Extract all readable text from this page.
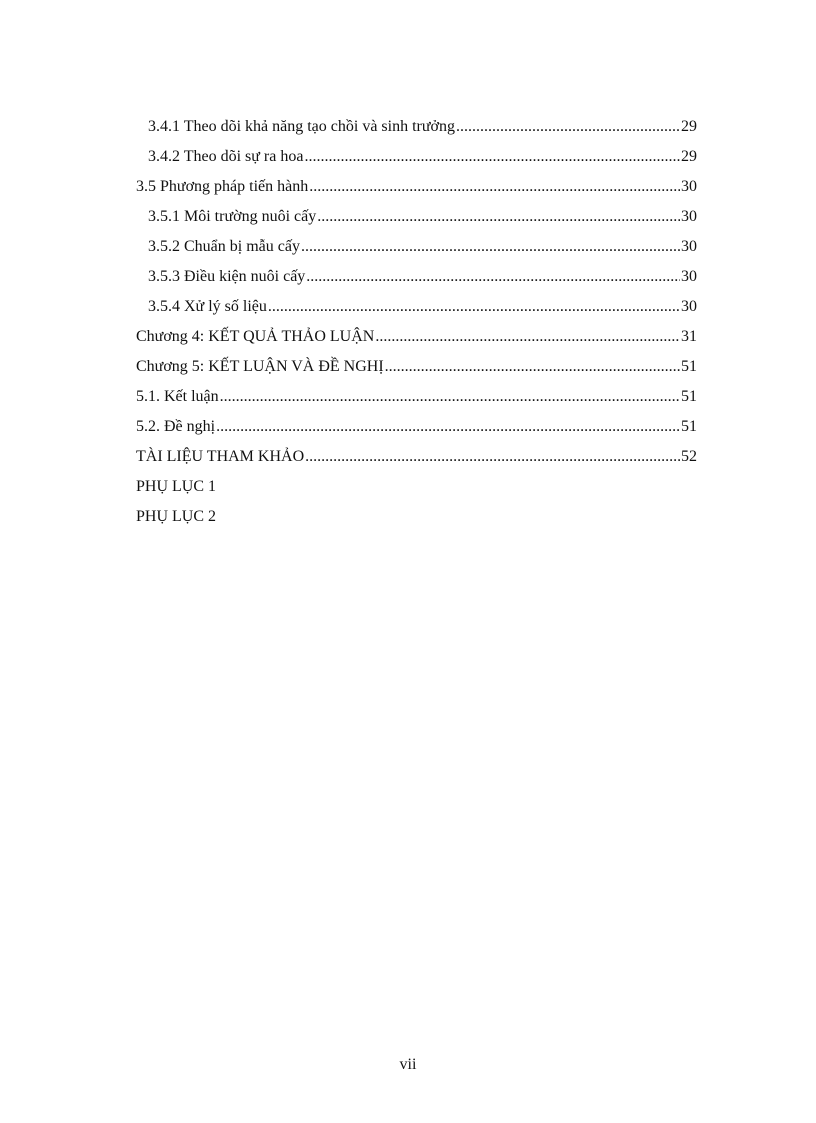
3.4.1 Theo dõi khả năng tạo chồi và sinh trưởng .....	29
3.4.2 Theo dõi sự ra hoa .....	29
3.5 Phương pháp tiến hành .....	30
3.5.1 Môi trường nuôi cấy .....	30
3.5.2 Chuẩn bị mẫu cấy .....	30
3.5.3 Điều kiện nuôi cấy .....	30
3.5.4 Xử lý số liệu .....	30
Chương 4: KẾT QUẢ THẢO LUẬN .....	31
Chương 5: KẾT LUẬN VÀ ĐỀ NGHỊ .....	51
5.1. Kết luận .....	51
5.2. Đề nghị .....	51
TÀI LIỆU THAM KHẢO .....	52
PHỤ LỤC 1
PHỤ LỤC 2
vii
